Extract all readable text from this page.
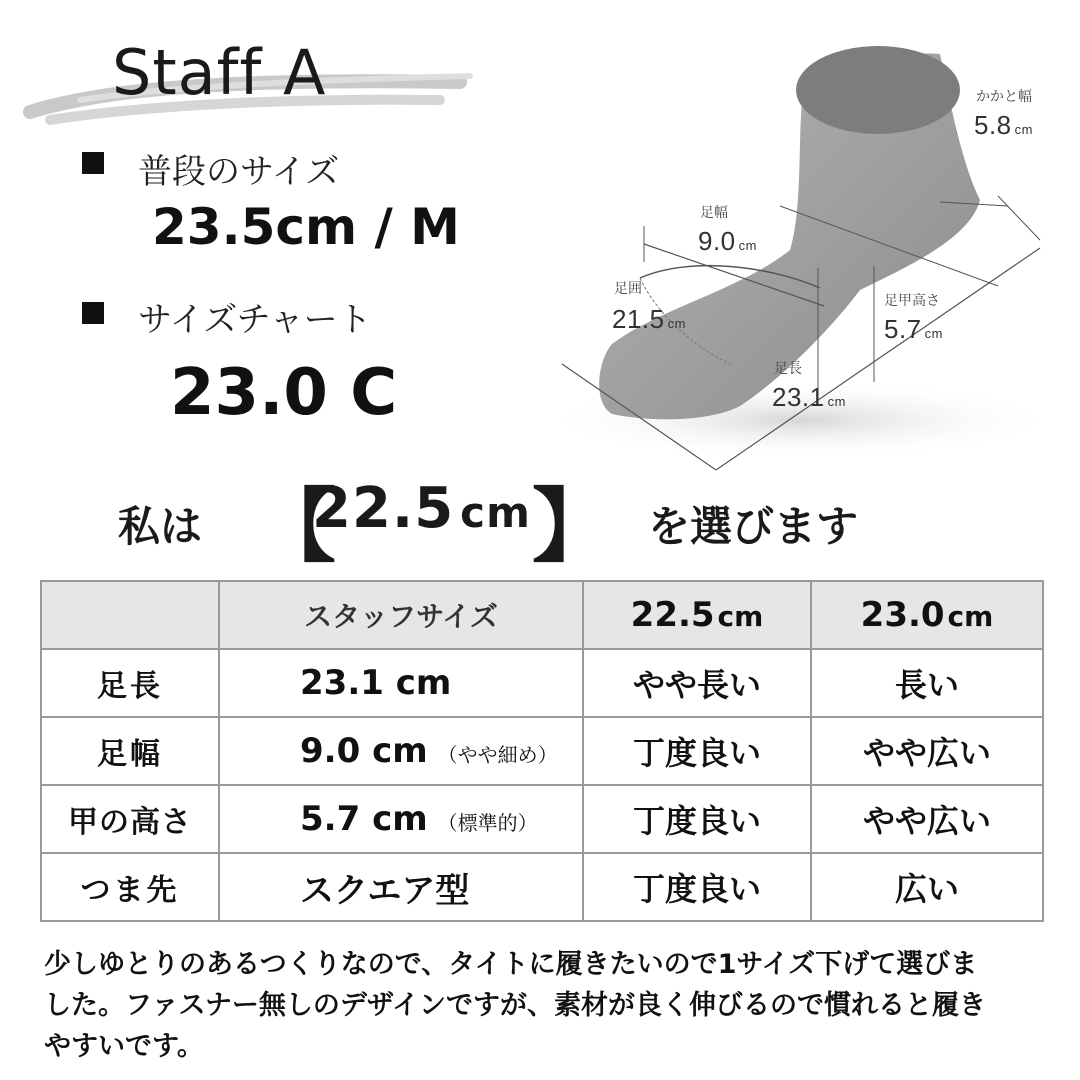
Staff A
普段のサイズ
23.5cm / M
サイズチャート
23.0 C
かかと幅
5.8 cm
足幅
9.0 cm
足囲
21.5 cm
足甲高さ
5.7 cm
足長
23.1 cm
私は 【
22.5 cm 】 を選びます
	スタッフサイズ	22.5 cm	23.0 cm
足長	23.1 cm	やや長い	長い
足幅	9.0 cm （やや細め）	丁度良い	やや広い
甲の高さ	5.7 cm （標準的）	丁度良い	やや広い
つま先	スクエア型	丁度良い	広い
少しゆとりのあるつくりなので、タイトに履きたいので1サイズ下げて選びま
した。ファスナー無しのデザインですが、素材が良く伸びるので慣れると履き
やすいです。
